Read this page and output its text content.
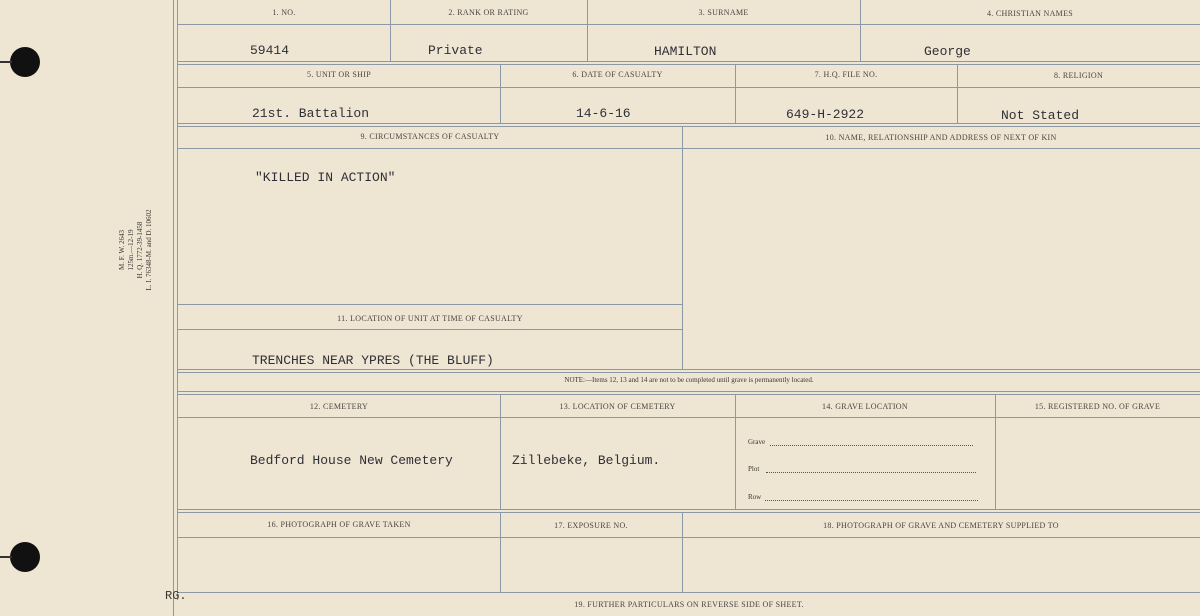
M. F. W. 2643 125m.—12-19 H. Q. 1772-39-1458 L. I. 76348-M. and D. 10602
1. NO.	2. RANK OR RATING	3. SURNAME	4. CHRISTIAN NAMES
59414	Private	HAMILTON	George
5. UNIT OR SHIP	6. DATE OF CASUALTY	7. H.Q. FILE NO.	8. RELIGION
21st. Battalion	14-6-16	649-H-2922	Not Stated
9. CIRCUMSTANCES OF CASUALTY	10. NAME, RELATIONSHIP AND ADDRESS OF NEXT OF KIN
"KILLED IN ACTION"
11. LOCATION OF UNIT AT TIME OF CASUALTY
TRENCHES NEAR YPRES (THE BLUFF)
NOTE:—Items 12, 13 and 14 are not to be completed until grave is permanently located.
12. CEMETERY	13. LOCATION OF CEMETERY	14. GRAVE LOCATION	15. REGISTERED NO. OF GRAVE
Bedford House New Cemetery	Zillebeke, Belgium.
Grave
Plot
Row
16. PHOTOGRAPH OF GRAVE TAKEN	17. EXPOSURE NO.	18. PHOTOGRAPH OF GRAVE AND CEMETERY SUPPLIED TO
19. FURTHER PARTICULARS ON REVERSE SIDE OF SHEET.
RG.
